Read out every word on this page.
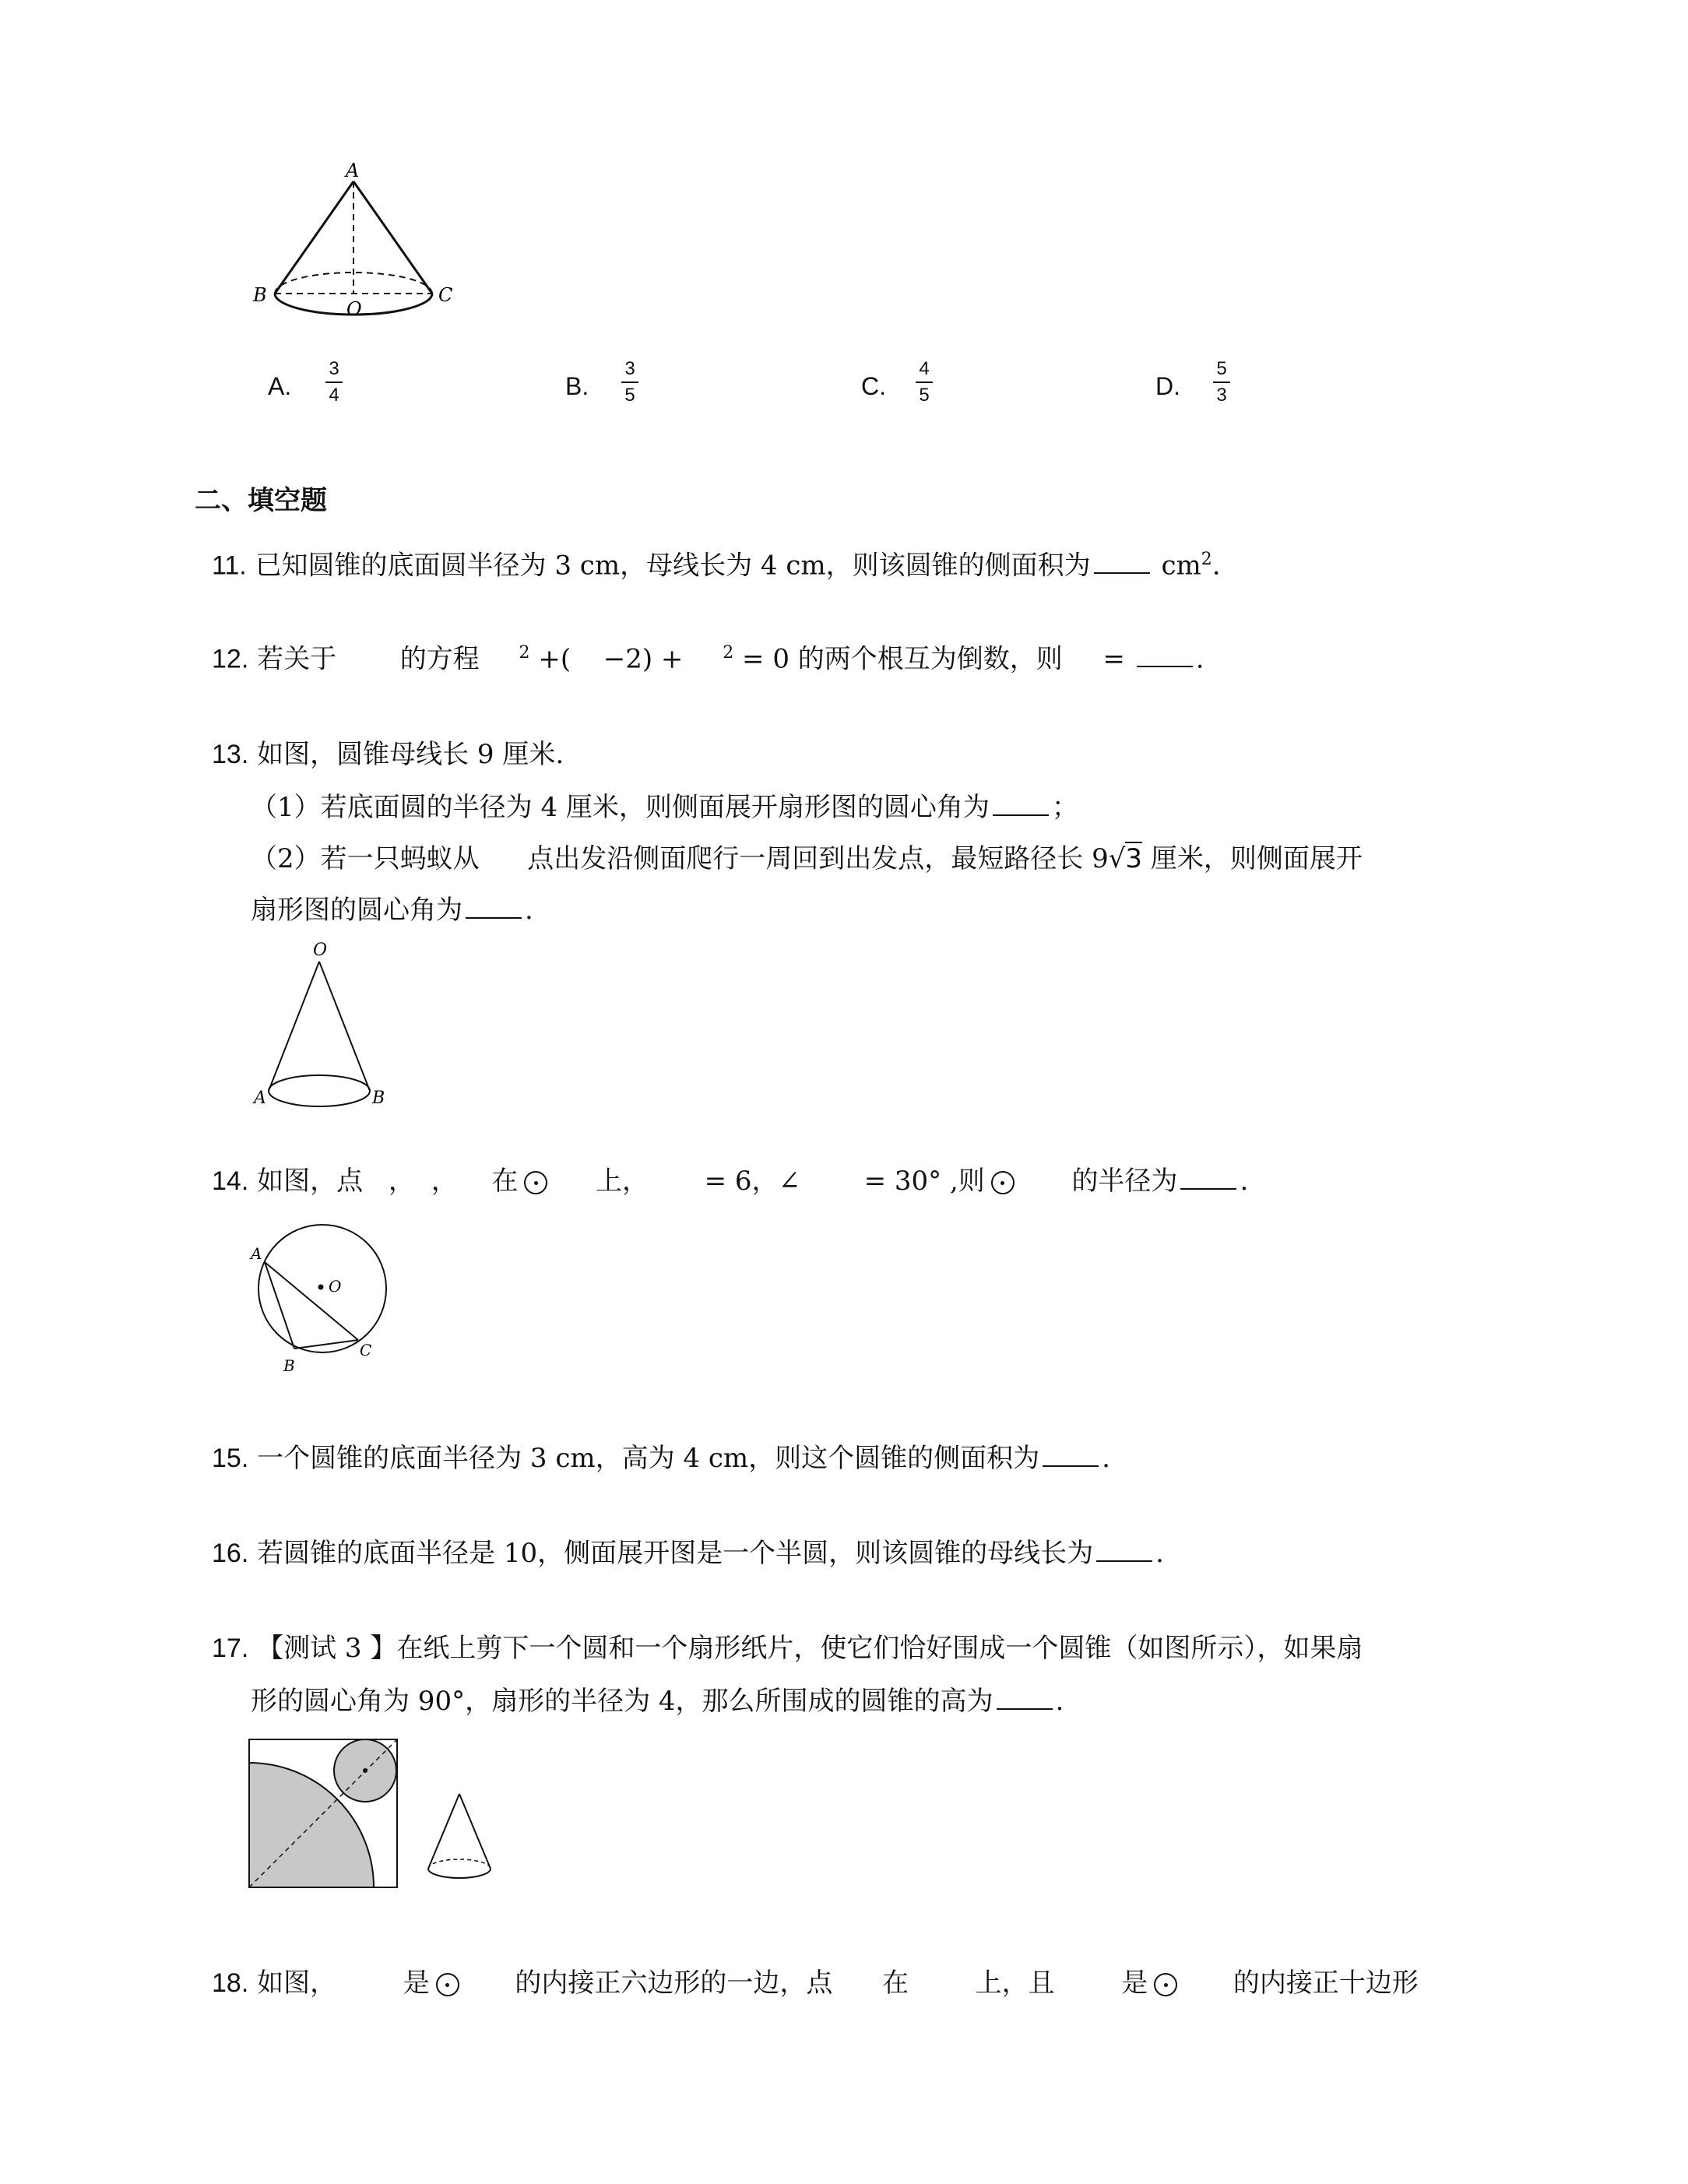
A
B
O
C
A.
3
4	B.
3
5	C.
4
5	D.
5
3
二、填空题
11. 已知圆锥的底面圆半径为 3 cm，母线长为 4 cm，则该圆锥的侧面积为	$cm^2$.
12. 若关于 的方程 $^2$ +( −2) + $^2$ = 0 的两个根互为倒数，则 =	.
13. 如图，圆锥母线长 9 厘米.
（1）若底面圆的半径为 4 厘米，则侧面展开扇形图的圆心角为 ；
（2）若一只蚂蚁从 点出发沿侧面爬行一周回到出发点，最短路径长 9√3 厘米，则侧面展开
扇形图的圆心角为 .
O
A	B
14. 如图，点 ， ， 在	上， = 6，∠ = 30° ,则	的半径为 .
A
O
B
C
15. 一个圆锥的底面半径为 3 cm，高为 4 cm，则这个圆锥的侧面积为 .
16. 若圆锥的底面半径是 10，侧面展开图是一个半圆，则该圆锥的母线长为 .
17. 【测试 3 】在纸上剪下一个圆和一个扇形纸片，使它们恰好围成一个圆锥（如图所示），如果扇
形的圆心角为 90°，扇形的半径为 4，那么所围成的圆锥的高为 .
18. 如图，	是	的内接正六边形的一边，点 在	上，且	是	的内接正十边形
